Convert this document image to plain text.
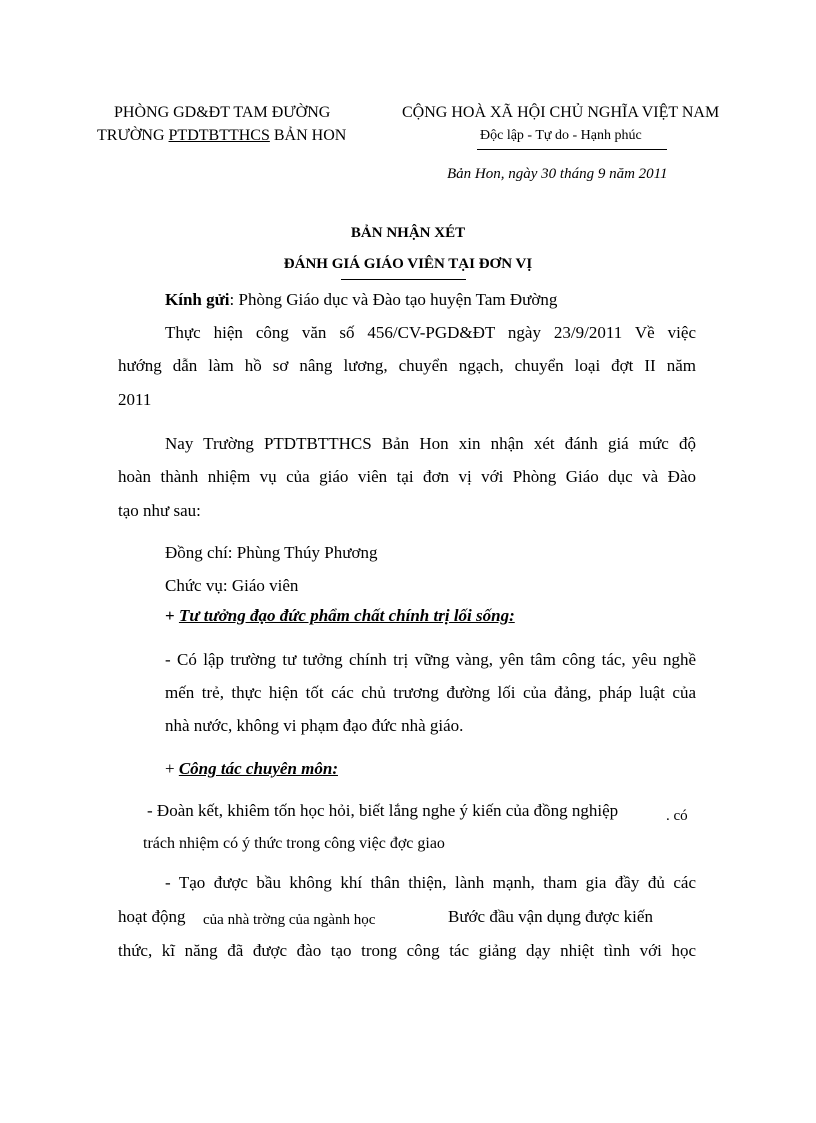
PHÒNG GD&ĐT TAM ĐƯỜNG
TRƯỜNG PTDTBTTHCS BẢN HON
CỘNG HOÀ XÃ HỘI CHỦ NGHĨA VIỆT NAM
Độc lập - Tự do - Hạnh phúc
Bản Hon, ngày 30 tháng 9 năm 2011
BẢN NHẬN XÉT
ĐÁNH GIÁ GIÁO VIÊN TẠI ĐƠN VỊ
Kính gửi: Phòng Giáo dục và Đào tạo huyện Tam Đường
Thực hiện công văn số 456/CV-PGD&ĐT ngày 23/9/2011 Về việc
hướng dẫn làm hồ sơ nâng lương, chuyển ngạch, chuyển loại đợt II năm
2011
Nay Trường PTDTBTTHCS Bản Hon xin nhận xét đánh giá mức độ
hoàn thành nhiệm vụ của giáo viên tại đơn vị với Phòng Giáo dục và Đào
tạo như sau:
Đồng chí: Phùng Thúy Phương
Chức vụ: Giáo viên
+ Tư tưởng đạo đức phẩm chất chính trị lối sống:
- Có lập trường tư tưởng chính trị vững vàng, yên tâm công tác, yêu nghề
mến trẻ, thực hiện tốt các chủ trương đường lối của đảng, pháp luật của
nhà nước, không vi phạm đạo đức nhà giáo.
+ Công tác chuyên môn:
- Đoàn kết, khiêm tốn học hỏi, biết lắng nghe ý kiến của đồng nghiệp	. có
trách nhiệm có ý thức trong công việc đợc giao
- Tạo được bầu không khí thân thiện, lành mạnh, tham gia đầy đủ các
hoạt động của nhà trờng của ngành học	Bước đầu vận dụng được kiến
thức, kĩ năng đã được đào tạo trong công tác giảng dạy nhiệt tình với học
